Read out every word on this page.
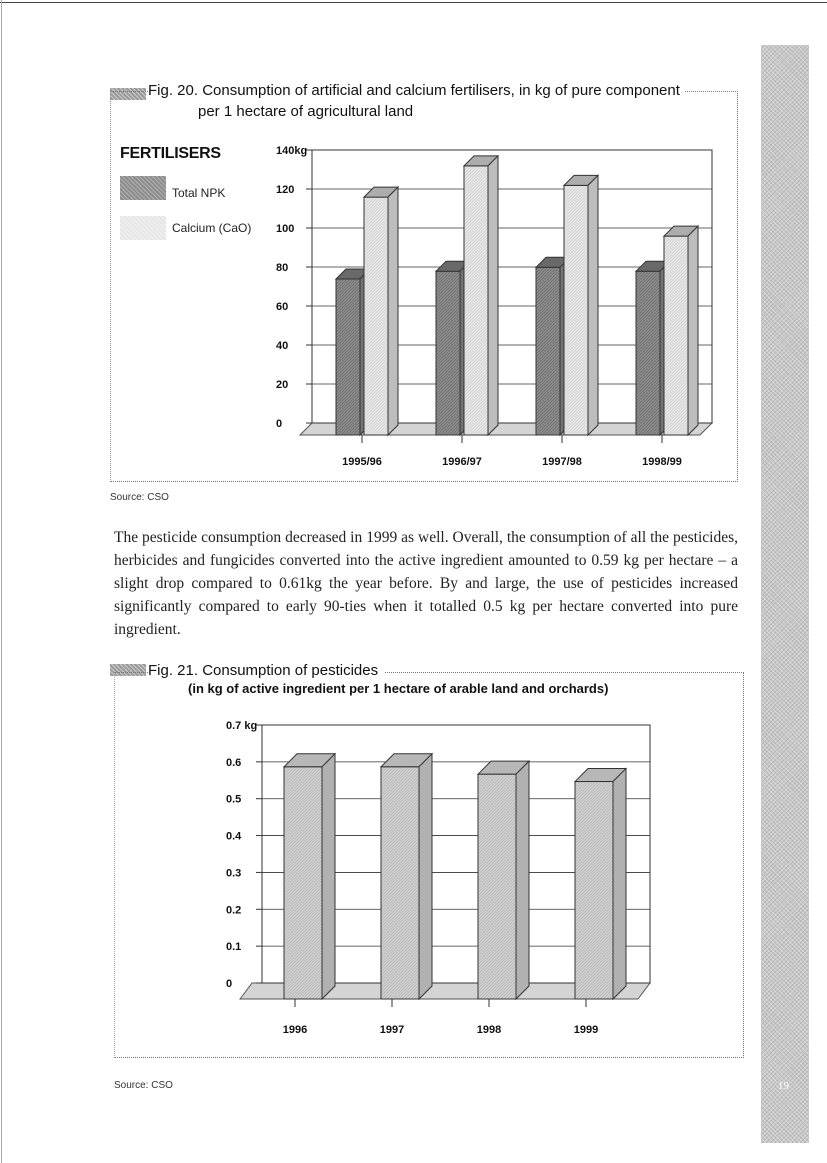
19
Fig. 20. Consumption of artificial and calcium fertilisers, in kg of pure component
per 1 hectare of agricultural land
FERTILISERS
Total NPK
Calcium (CaO)
0
20
40
60
80
100
120
140kg
1995/96	1996/97	1997/98	1998/99
Source: CSO
The pesticide consumption decreased in 1999 as well. Overall, the consumption of all the pesticides, herbicides and fungicides converted into the active ingredient amounted to 0.59 kg per hectare – a slight drop compared to 0.61kg the year before. By and large, the use of pesticides increased significantly compared to early 90-ties when it totalled 0.5 kg per hectare converted into pure ingredient.
Fig. 21. Consumption of pesticides
(in kg of active ingredient per 1 hectare of arable land and orchards)
0
0.1
0.2
0.3
0.4
0.5
0.6
0.7 kg
1996	1997	1998	1999
Source: CSO
